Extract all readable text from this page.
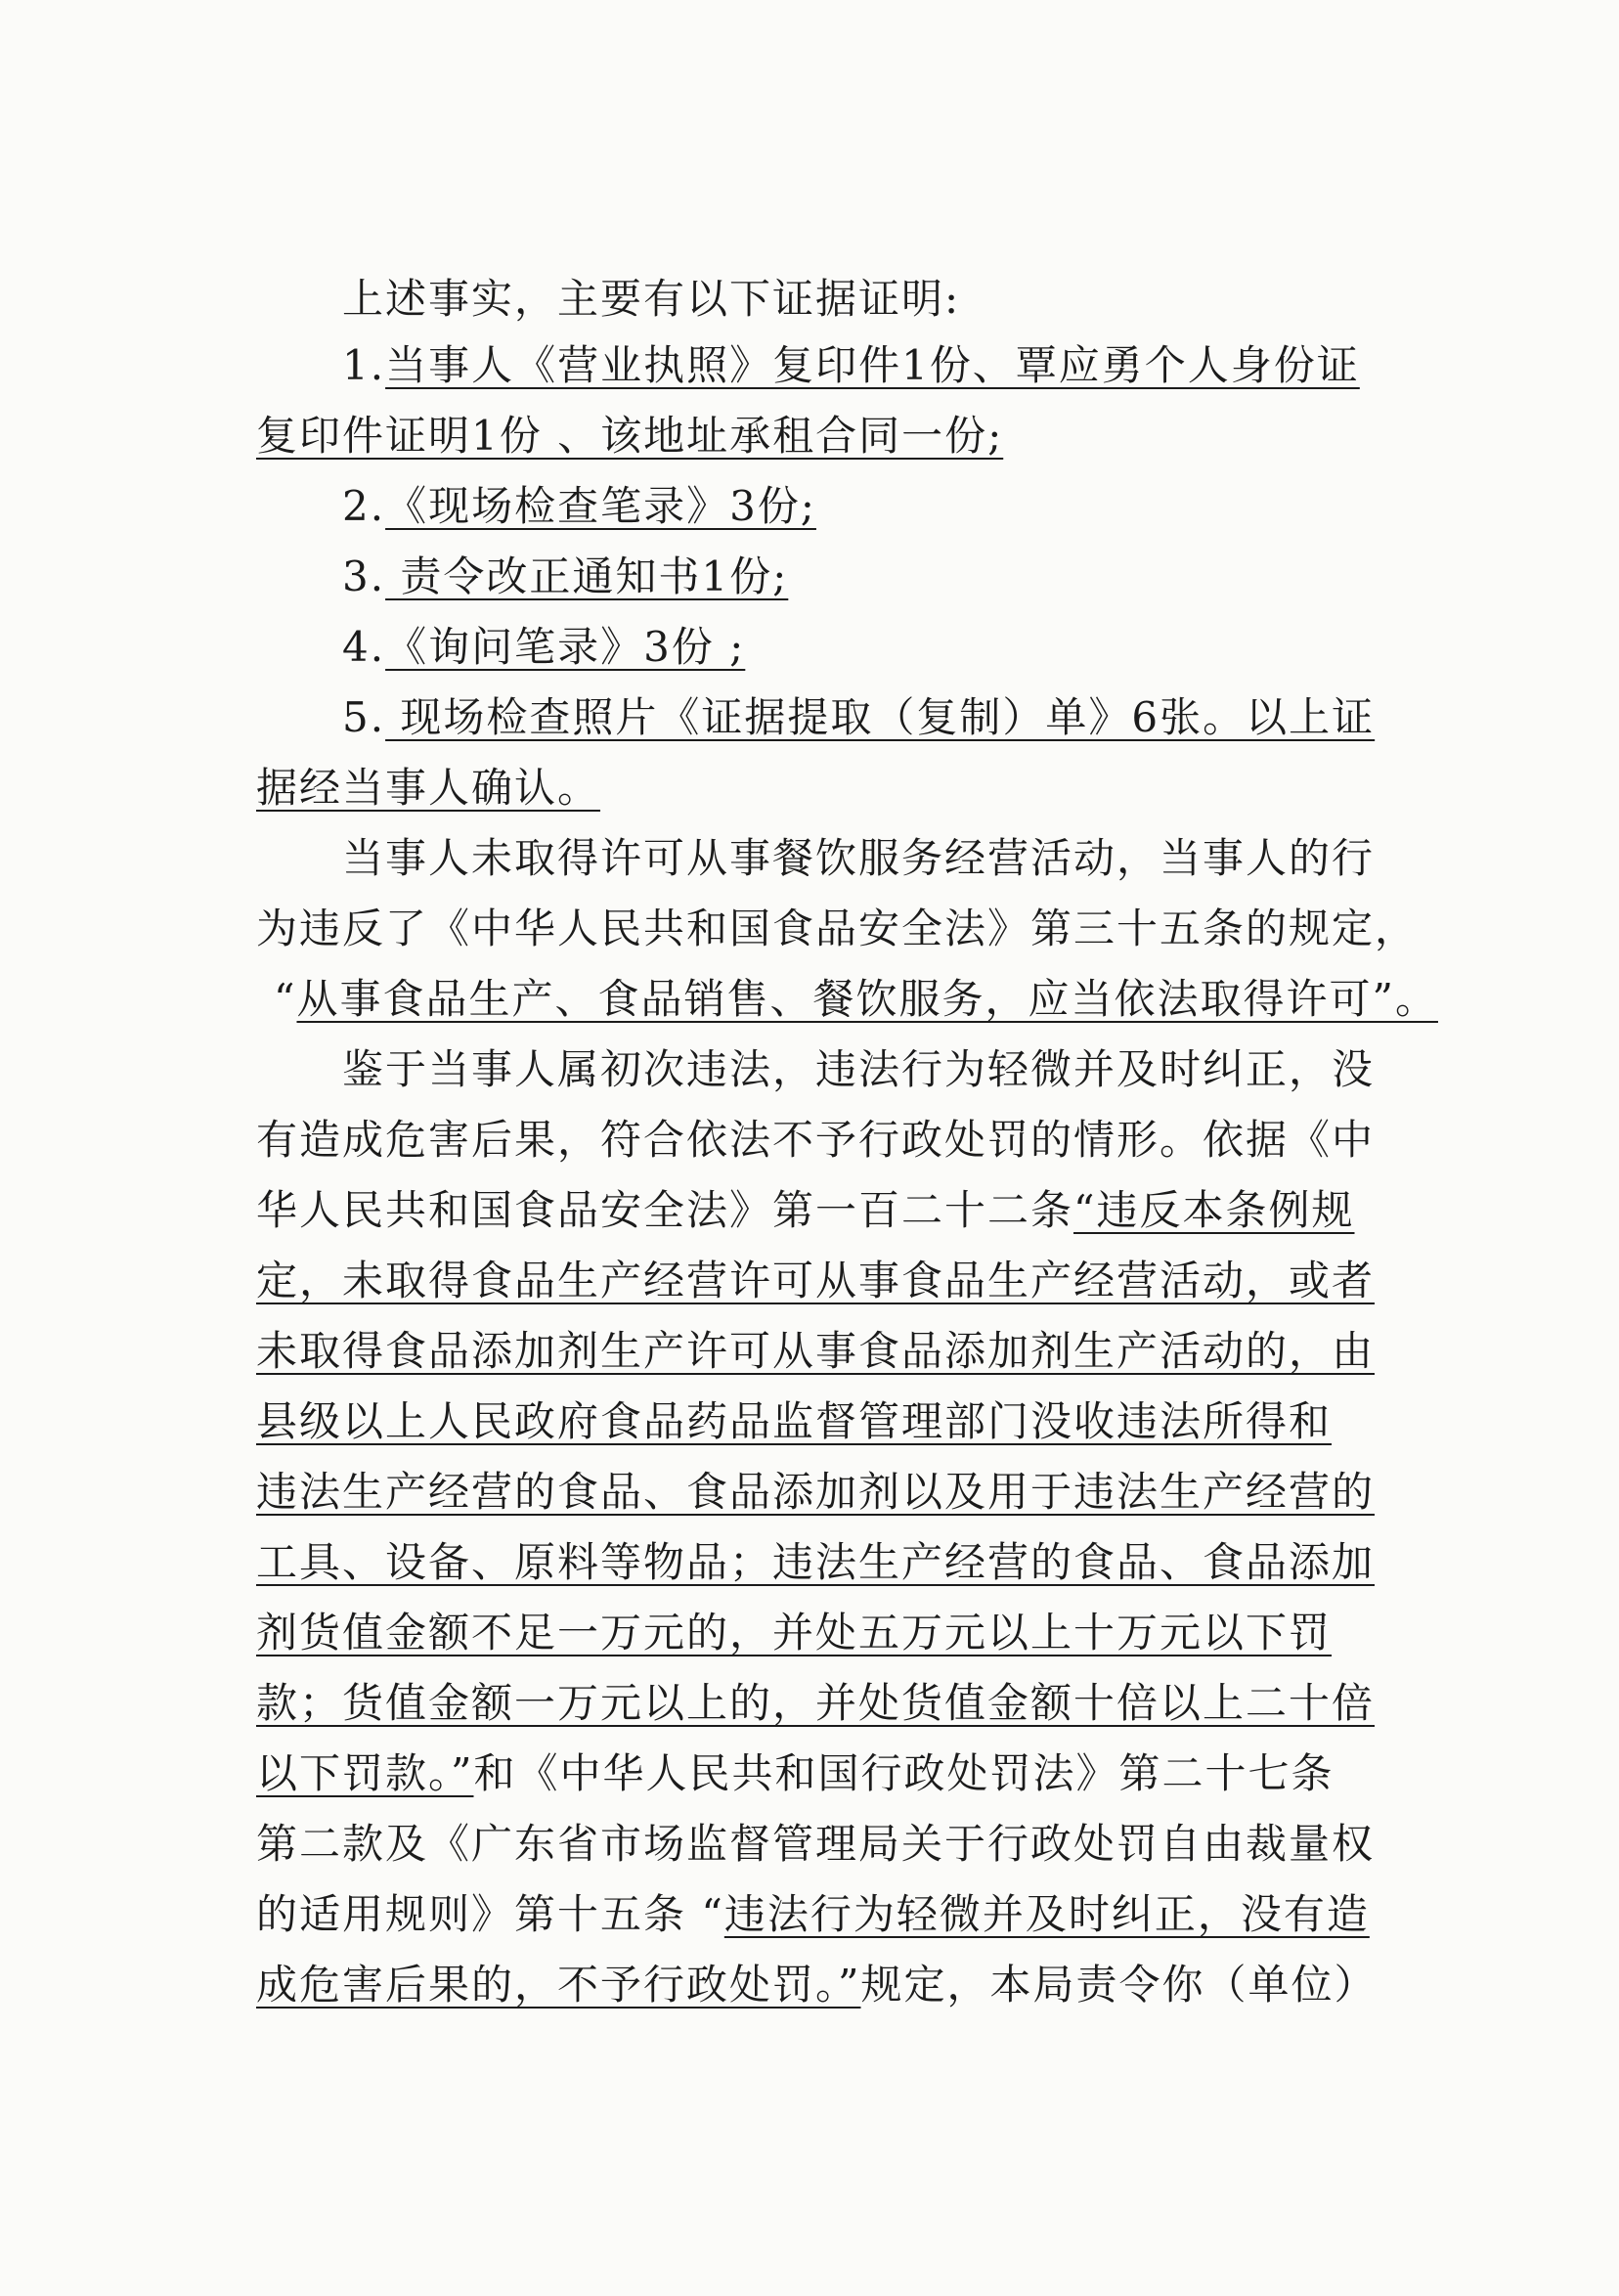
上述事实，主要有以下证据证明:
1.当事人《营业执照》复印件1份、覃应勇个人身份证
复印件证明1份 、该地址承租合同一份;
2.《现场检查笔录》3份;
3. 责令改正通知书1份;
4.《询问笔录》3份 ;
5. 现场检查照片《证据提取（复制）单》6张。以上证
据经当事人确认。
当事人未取得许可从事餐饮服务经营活动，当事人的行
为违反了《中华人民共和国食品安全法》第三十五条的规定，
“从事食品生产、食品销售、餐饮服务，应当依法取得许可”。
鉴于当事人属初次违法，违法行为轻微并及时纠正，没
有造成危害后果，符合依法不予行政处罚的情形。依据《中
华人民共和国食品安全法》第一百二十二条“违反本条例规
定，未取得食品生产经营许可从事食品生产经营活动，或者
未取得食品添加剂生产许可从事食品添加剂生产活动的，由
县级以上人民政府食品药品监督管理部门没收违法所得和
违法生产经营的食品、食品添加剂以及用于违法生产经营的
工具、设备、原料等物品；违法生产经营的食品、食品添加
剂货值金额不足一万元的，并处五万元以上十万元以下罚
款；货值金额一万元以上的，并处货值金额十倍以上二十倍
以下罚款。”和《中华人民共和国行政处罚法》第二十七条
第二款及《广东省市场监督管理局关于行政处罚自由裁量权
的适用规则》第十五条 “违法行为轻微并及时纠正，没有造
成危害后果的，不予行政处罚。”规定，本局责令你（单位）
